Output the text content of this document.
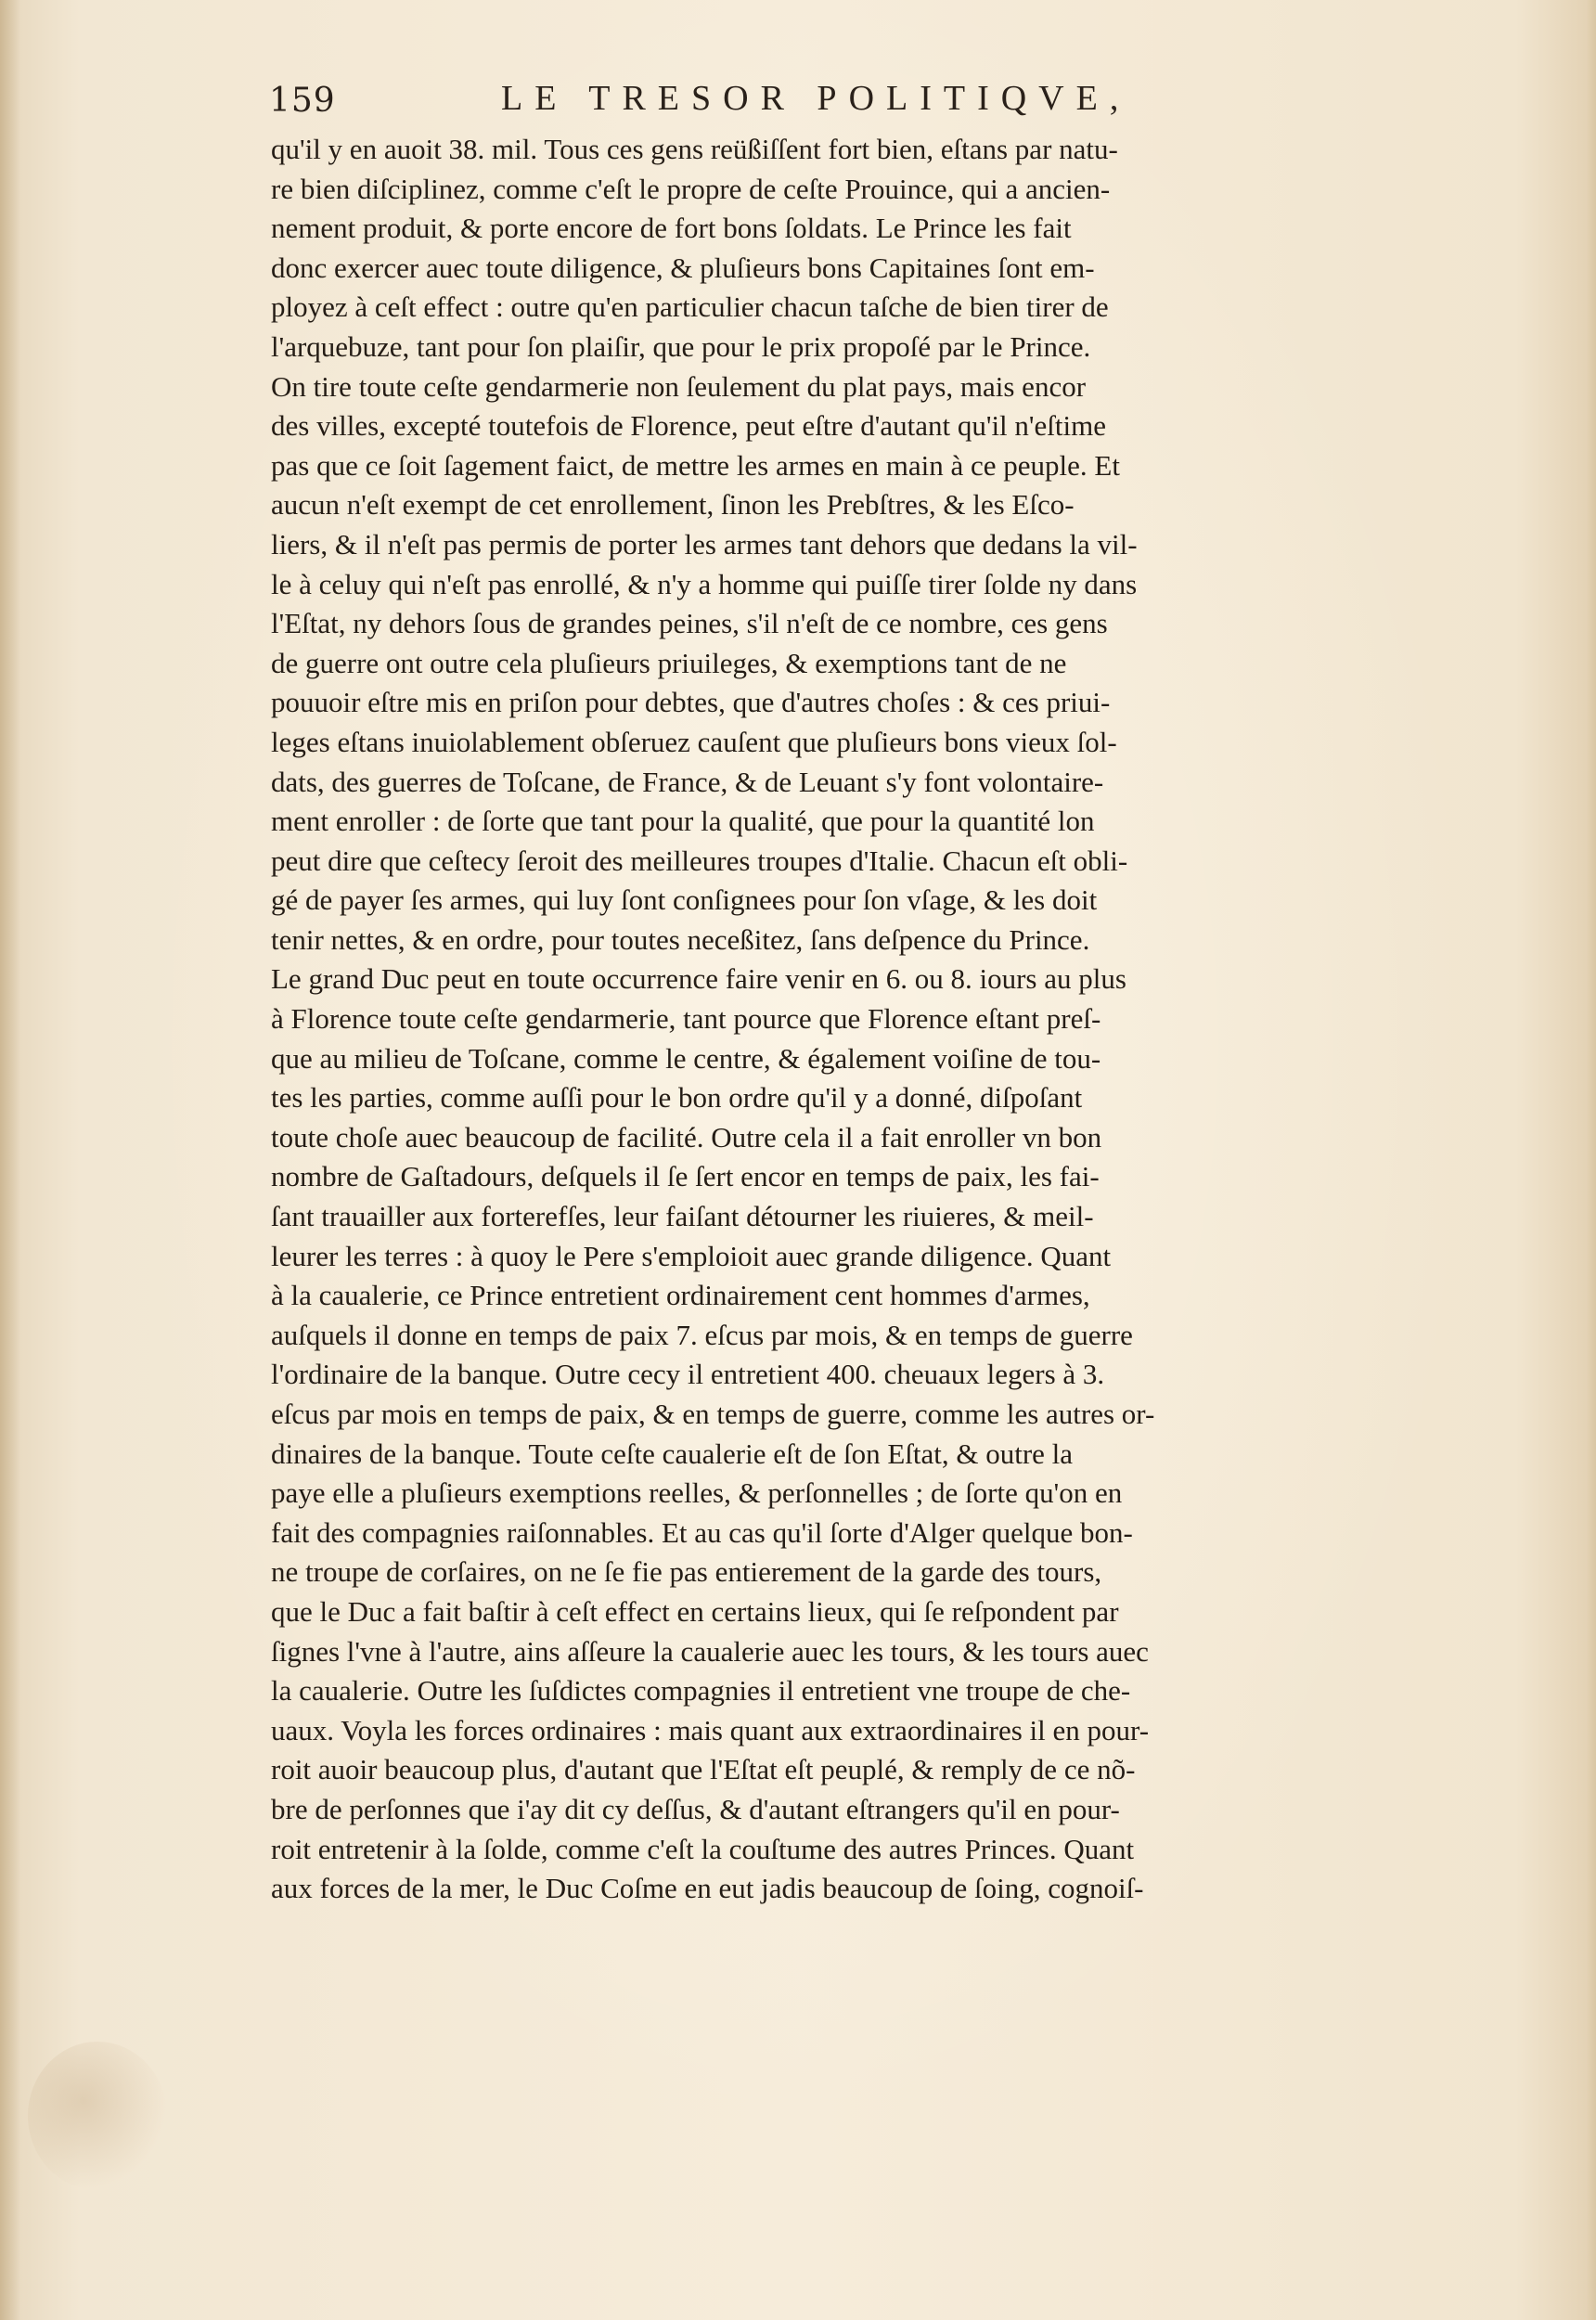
159	LE TRESOR POLITIQVE,
qu'il y en auoit 38. mil. Tous ces gens reüßiſſent fort bien, eſtans par natu-
re bien diſciplinez, comme c'eſt le propre de ceſte Prouince, qui a ancien-
nement produit, & porte encore de fort bons ſoldats. Le Prince les fait
donc exercer auec toute diligence, & pluſieurs bons Capitaines ſont em-
ployez à ceſt effect : outre qu'en particulier chacun taſche de bien tirer de
l'arquebuze, tant pour ſon plaiſir, que pour le prix propoſé par le Prince.
On tire toute ceſte gendarmerie non ſeulement du plat pays, mais encor
des villes, excepté toutefois de Florence, peut eſtre d'autant qu'il n'eſtime
pas que ce ſoit ſagement faict, de mettre les armes en main à ce peuple. Et
aucun n'eſt exempt de cet enrollement, ſinon les Prebſtres, & les Eſco-
liers, & il n'eſt pas permis de porter les armes tant dehors que dedans la vil-
le à celuy qui n'eſt pas enrollé, & n'y a homme qui puiſſe tirer ſolde ny dans
l'Eſtat, ny dehors ſous de grandes peines, s'il n'eſt de ce nombre, ces gens
de guerre ont outre cela pluſieurs priuileges, & exemptions tant de ne
pouuoir eſtre mis en priſon pour debtes, que d'autres choſes : & ces priui-
leges eſtans inuiolablement obſeruez cauſent que pluſieurs bons vieux ſol-
dats, des guerres de Toſcane, de France, & de Leuant s'y font volontaire-
ment enroller : de ſorte que tant pour la qualité, que pour la quantité lon
peut dire que ceſtecy ſeroit des meilleures troupes d'Italie. Chacun eſt obli-
gé de payer ſes armes, qui luy ſont conſignees pour ſon vſage, & les doit
tenir nettes, & en ordre, pour toutes neceßitez, ſans deſpence du Prince.
Le grand Duc peut en toute occurrence faire venir en 6. ou 8. iours au plus
à Florence toute ceſte gendarmerie, tant pource que Florence eſtant preſ-
que au milieu de Toſcane, comme le centre, & également voiſine de tou-
tes les parties, comme auſſi pour le bon ordre qu'il y a donné, diſpoſant
toute choſe auec beaucoup de facilité. Outre cela il a fait enroller vn bon
nombre de Gaſtadours, deſquels il ſe ſert encor en temps de paix, les fai-
ſant trauailler aux forterefſes, leur faiſant détourner les riuieres, & meil-
leurer les terres : à quoy le Pere s'emploioit auec grande diligence. Quant
à la caualerie, ce Prince entretient ordinairement cent hommes d'armes,
auſquels il donne en temps de paix 7. eſcus par mois, & en temps de guerre
l'ordinaire de la banque. Outre cecy il entretient 400. cheuaux legers à 3.
eſcus par mois en temps de paix, & en temps de guerre, comme les autres or-
dinaires de la banque. Toute ceſte caualerie eſt de ſon Eſtat, & outre la
paye elle a pluſieurs exemptions reelles, & perſonnelles ; de ſorte qu'on en
fait des compagnies raiſonnables. Et au cas qu'il ſorte d'Alger quelque bon-
ne troupe de corſaires, on ne ſe fie pas entierement de la garde des tours,
que le Duc a fait baſtir à ceſt effect en certains lieux, qui ſe reſpondent par
ſignes l'vne à l'autre, ains aſſeure la caualerie auec les tours, & les tours auec
la caualerie. Outre les ſuſdictes compagnies il entretient vne troupe de che-
uaux. Voyla les forces ordinaires : mais quant aux extraordinaires il en pour-
roit auoir beaucoup plus, d'autant que l'Eſtat eſt peuplé, & remply de ce nõ-
bre de perſonnes que i'ay dit cy deſſus, & d'autant eſtrangers qu'il en pour-
roit entretenir à la ſolde, comme c'eſt la couſtume des autres Princes. Quant
aux forces de la mer, le Duc Coſme en eut jadis beaucoup de ſoing, cognoiſ-
